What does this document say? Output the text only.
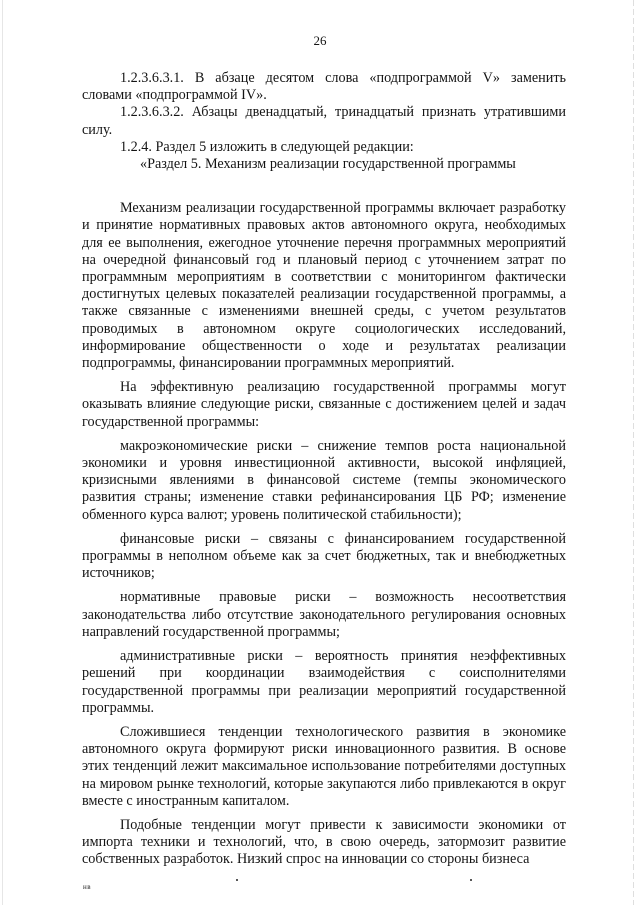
26

1.2.3.6.3.1. В абзаце десятом слова «подпрограммой V» заменить словами «подпрограммой IV».

1.2.3.6.3.2. Абзацы двенадцатый, тринадцатый признать утратившими силу.

1.2.4. Раздел 5 изложить в следующей редакции:

«Раздел 5. Механизм реализации государственной программы

Механизм реализации государственной программы включает разработку и принятие нормативных правовых актов автономного округа, необходимых для ее выполнения, ежегодное уточнение перечня программных мероприятий на очередной финансовый год и плановый период с уточнением затрат по программным мероприятиям в соответствии с мониторингом фактически достигнутых целевых показателей реализации государственной программы, а также связанные с изменениями внешней среды, с учетом результатов проводимых в автономном округе социологических исследований, информирование общественности о ходе и результатах реализации подпрограммы, финансировании программных мероприятий.

На эффективную реализацию государственной программы могут оказывать влияние следующие риски, связанные с достижением целей и задач государственной программы:

макроэкономические риски – снижение темпов роста национальной экономики и уровня инвестиционной активности, высокой инфляцией, кризисными явлениями в финансовой системе (темпы экономического развития страны; изменение ставки рефинансирования ЦБ РФ; изменение обменного курса валют; уровень политической стабильности);

финансовые риски – связаны с финансированием государственной программы в неполном объеме как за счет бюджетных, так и внебюджетных источников;

нормативные правовые риски – возможность несоответствия законодательства либо отсутствие законодательного регулирования основных направлений государственной программы;

административные риски – вероятность принятия неэффективных решений при координации взаимодействия с соисполнителями государственной программы при реализации мероприятий государственной программы.

Сложившиеся тенденции технологического развития в экономике автономного округа формируют риски инновационного развития. В основе этих тенденций лежит максимальное использование потребителями доступных на мировом рынке технологий, которые закупаются либо привлекаются в округ вместе с иностранным капиталом.

Подобные тенденции могут привести к зависимости экономики от импорта техники и технологий, что, в свою очередь, затормозит развитие собственных разработок. Низкий спрос на инновации со стороны бизнеса

нв
